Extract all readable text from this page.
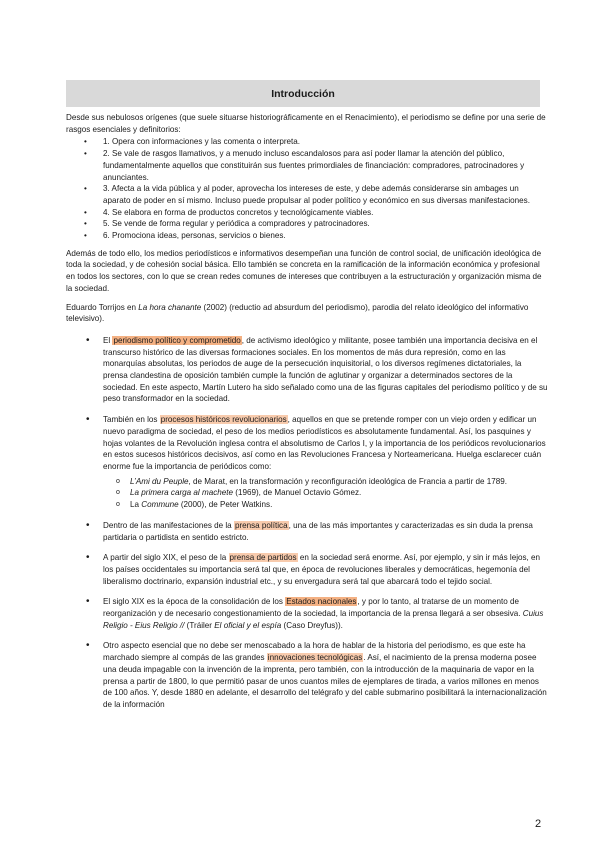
Introducción

Desde sus nebulosos orígenes (que suele situarse historiográficamente en el Renacimiento), el periodismo se define por una serie de rasgos esenciales y definitorios:

• 1. Opera con informaciones y las comenta o interpreta.
• 2. Se vale de rasgos llamativos, y a menudo incluso escandalosos para así poder llamar la atención del público, fundamentalmente aquellos que constituirán sus fuentes primordiales de financiación: compradores, patrocinadores y anunciantes.
• 3. Afecta a la vida pública y al poder, aprovecha los intereses de este, y debe además considerarse sin ambages un aparato de poder en sí mismo. Incluso puede propulsar al poder político y económico en sus diversas manifestaciones.
• 4. Se elabora en forma de productos concretos y tecnológicamente viables.
• 5. Se vende de forma regular y periódica a compradores y patrocinadores.
• 6. Promociona ideas, personas, servicios o bienes.

Además de todo ello, los medios periodísticos e informativos desempeñan una función de control social, de unificación ideológica de toda la sociedad, y de cohesión social básica. Ello también se concreta en la ramificación de la información económica y profesional en todos los sectores, con lo que se crean redes comunes de intereses que contribuyen a la estructuración y organización misma de la sociedad.

Eduardo Torrijos en La hora chanante (2002) (reductio ad absurdum del periodismo), parodia del relato ideológico del informativo televisivo).

• El periodismo político y comprometido, de activismo ideológico y militante, posee también una importancia decisiva en el transcurso histórico de las diversas formaciones sociales. En los momentos de más dura represión, como en las monarquías absolutas, los periodos de auge de la persecución inquisitorial, o los diversos regímenes dictatoriales, la prensa clandestina de oposición también cumple la función de aglutinar y organizar a determinados sectores de la sociedad. En este aspecto, Martín Lutero ha sido señalado como una de las figuras capitales del periodismo político y de su peso transformador en la sociedad.
• También en los procesos históricos revolucionarios, aquellos en que se pretende romper con un viejo orden y edificar un nuevo paradigma de sociedad, el peso de los medios periodísticos es absolutamente fundamental. Así, los pasquines y hojas volantes de la Revolución inglesa contra el absolutismo de Carlos I, y la importancia de los periódicos revolucionarios en estos sucesos históricos decisivos, así como en las Revoluciones Francesa y Norteamericana. Huelga esclarecer cuán enorme fue la importancia de periódicos como:
o L’Ami du Peuple, de Marat, en la transformación y reconfiguración ideológica de Francia a partir de 1789.
o La primera carga al machete (1969), de Manuel Octavio Gómez.
o La Commune (2000), de Peter Watkins.
• Dentro de las manifestaciones de la prensa política, una de las más importantes y caracterizadas es sin duda la prensa partidaria o partidista en sentido estricto.
• A partir del siglo XIX, el peso de la prensa de partidos en la sociedad será enorme. Así, por ejemplo, y sin ir más lejos, en los países occidentales su importancia será tal que, en época de revoluciones liberales y democráticas, hegemonía del liberalismo doctrinario, expansión industrial etc., y su envergadura será tal que abarcará todo el tejido social.
• El siglo XIX es la época de la consolidación de los Estados nacionales, y por lo tanto, al tratarse de un momento de reorganización y de necesario congestionamiento de la sociedad, la importancia de la prensa llegará a ser obsesiva. Cuius Religio - Eius Religio // (Tráiler El oficial y el espía (Caso Dreyfus)).
• Otro aspecto esencial que no debe ser menoscabado a la hora de hablar de la historia del periodismo, es que este ha marchado siempre al compás de las grandes innovaciones tecnológicas. Así, el nacimiento de la prensa moderna posee una deuda impagable con la invención de la imprenta, pero también, con la introducción de la maquinaria de vapor en la prensa a partir de 1800, lo que permitió pasar de unos cuantos miles de ejemplares de tirada, a varios millones en menos de 100 años. Y, desde 1880 en adelante, el desarrollo del telégrafo y del cable submarino posibilitará la internacionalización de la información
2
